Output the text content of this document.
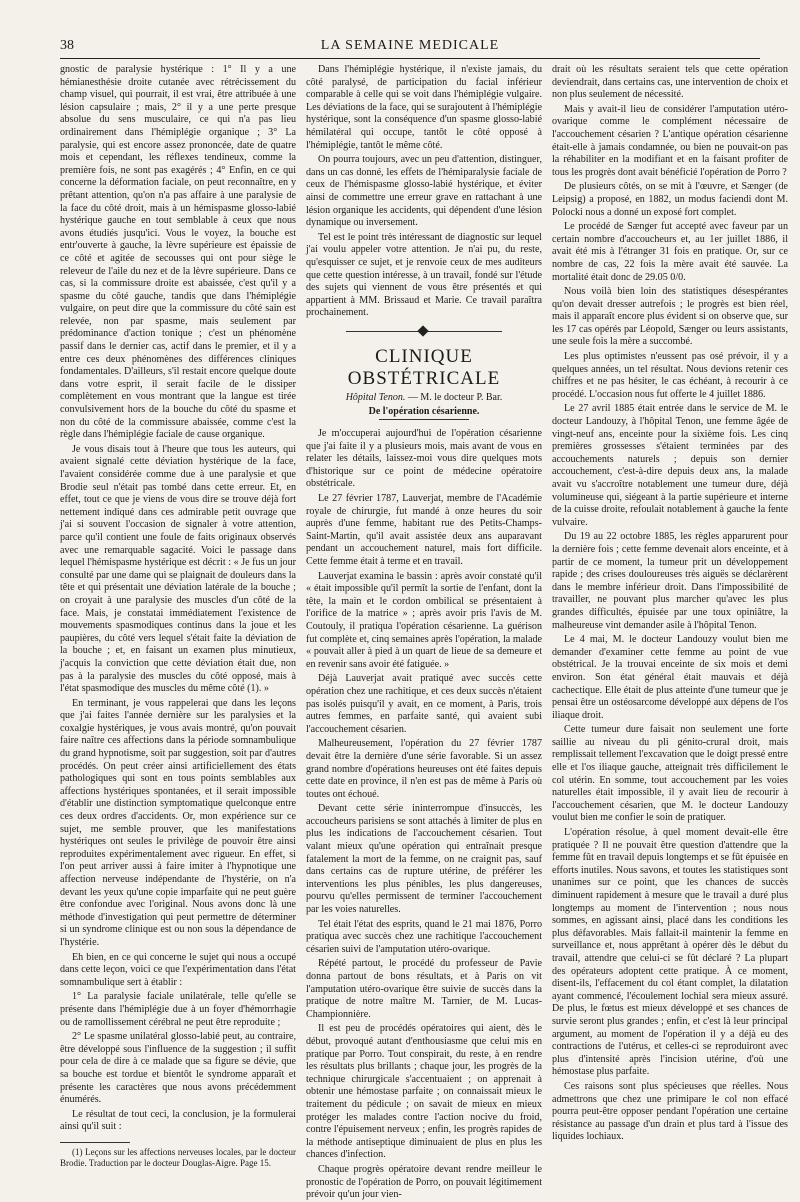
38	LA SEMAINE MEDICALE

gnostic de paralysie hystérique : 1° Il y a une hémianesthésie droite cutanée avec rétrécissement du champ visuel, qui pourrait, il est vrai, être attribuée à une lésion capsulaire ; mais, 2° il y a une perte presque absolue du sens musculaire, ce qui n'a pas lieu ordinairement dans l'hémiplégie organique ; 3° La paralysie, qui est encore assez prononcée, date de quatre mois et cependant, les réflexes tendineux, comme la première fois, ne sont pas exagérés ; 4° Enfin, en ce qui concerne la déformation faciale, on peut reconnaître, en y prêtant attention, qu'on n'a pas affaire à une paralysie de la face du côté droit, mais à un hémispasme glosso-labié hystérique gauche en tout semblable à ceux que nous avons étudiés jusqu'ici. Vous le voyez, la bouche est entr'ouverte à gauche, la lèvre supérieure est épaissie de ce côté et agitée de secousses qui ont pour siège le releveur de l'aile du nez et de la lèvre supérieure. Dans ce cas, si la commissure droite est abaissée, c'est qu'il y a spasme du côté gauche, tandis que dans l'hémiplégie vulgaire, on peut dire que la commissure du côté sain est relevée, non par spasme, mais seulement par prédominance d'action tonique ; c'est un phénomène passif dans le dernier cas, actif dans le premier, et il y a entre ces deux phénomènes des différences cliniques fondamentales. D'ailleurs, s'il restait encore quelque doute dans votre esprit, il serait facile de le dissiper complètement en vous montrant que la langue est tirée convulsivement hors de la bouche du côté du spasme et non du côté de la commissure abaissée, comme c'est la règle dans l'hémiplégie faciale de cause organique.

Je vous disais tout à l'heure que tous les auteurs, qui avaient signalé cette déviation hystérique de la face, l'avaient considérée comme due à une paralysie et que Brodie seul n'était pas tombé dans cette erreur. Et, en effet, tout ce que je viens de vous dire se trouve déjà fort nettement indiqué dans ces admirable petit ouvrage que j'ai si souvent l'occasion de signaler à votre attention, parce qu'il contient une foule de faits originaux observés avec une remarquable sagacité. Voici le passage dans lequel l'hémispasme hystérique est décrit : « Je fus un jour consulté par une dame qui se plaignait de douleurs dans la tête et qui présentait une déviation latérale de la bouche ; on croyait à une paralysie des muscles d'un côté de la face. Mais, je constatai immédiatement l'existence de mouvements spasmodiques continus dans la joue et les paupières, du côté vers lequel s'était faite la déviation de la bouche ; et, en faisant un examen plus minutieux, j'acquis la conviction que cette déviation était due, non pas à la paralysie des muscles du côté opposé, mais à l'état spasmodique des muscles du même côté (1). »

En terminant, je vous rappelerai que dans les leçons que j'ai faites l'année dernière sur les paralysies et la coxalgie hystériques, je vous avais montré, qu'on pouvait faire naître ces affections dans la période somnambulique du grand hypnotisme, soit par suggestion, soit par d'autres procédés. On peut créer ainsi artificiellement des états pathologiques qui sont en tous points semblables aux affections hystériques spontanées, et il serait impossible d'établir une distinction symptomatique quelconque entre ces deux ordres d'accidents. Or, mon expérience sur ce sujet, me semble prouver, que les manifestations hystériques ont seules le privilège de pouvoir être ainsi reproduites expérimentalement avec rigueur. En effet, si l'on peut arriver aussi à faire imiter à l'hypnotique une affection nerveuse indépendante de l'hystérie, on n'a devant les yeux qu'une copie imparfaite qui ne peut guère être confondue avec l'original. Nous avons donc là une méthode d'investigation qui peut permettre de déterminer si un syndrome clinique est ou non sous la dépendance de l'hystérie.

Eh bien, en ce qui concerne le sujet qui nous a occupé dans cette leçon, voici ce que l'expérimentation dans l'état somnambulique sert à établir :

1° La paralysie faciale unilatérale, telle qu'elle se présente dans l'hémiplégie due à un foyer d'hémorrhagie ou de ramollissement cérébral ne peut être reproduite ;

2° Le spasme unilatéral glosso-labié peut, au contraire, être développé sous l'influence de la suggestion ; il suffit pour cela de dire à ce malade que sa figure se dévie, que sa bouche est tordue et bientôt le syndrome apparaît et présente les caractères que nous avons précédemment énumérés.

Le résultat de tout ceci, la conclusion, je la formulerai ainsi qu'il suit :

(1) Leçons sur les affections nerveuses locales, par le docteur Brodie. Traduction par le docteur Douglas-Aigre. Page 15.

Dans l'hémiplégie hystérique, il n'existe jamais, du côté paralysé, de participation du facial inférieur comparable à celle qui se voit dans l'hémiplégie vulgaire. Les déviations de la face, qui se surajoutent à l'hémiplégie hystérique, sont la conséquence d'un spasme glosso-labié hémilatéral qui occupe, tantôt le côté opposé à l'hémiplégie, tantôt le même côté.

On pourra toujours, avec un peu d'attention, distinguer, dans un cas donné, les effets de l'hémiparalysie faciale de ceux de l'hémispasme glosso-labié hystérique, et éviter ainsi de commettre une erreur grave en rattachant à une lésion organique les accidents, qui dépendent d'une lésion dynamique ou inversement.

Tel est le point très intéressant de diagnostic sur lequel j'ai voulu appeler votre attention. Je n'ai pu, du reste, qu'esquisser ce sujet, et je renvoie ceux de mes auditeurs que cette question intéresse, à un travail, fondé sur l'étude des sujets qui viennent de vous être présentés et qui appartient à MM. Brissaud et Marie. Ce travail paraîtra prochainement.

CLINIQUE OBSTÉTRICALE

Hôpital Tenon. — M. le docteur P. Bar.

De l'opération césarienne.

Je m'occuperai aujourd'hui de l'opération césarienne que j'ai faite il y a plusieurs mois, mais avant de vous en relater les détails, laissez-moi vous dire quelques mots d'historique sur ce point de médecine opératoire obstétricale.

Le 27 février 1787, Lauverjat, membre de l'Académie royale de chirurgie, fut mandé à onze heures du soir auprès d'une femme, habitant rue des Petits-Champs-Saint-Martin, qu'il avait assistée deux ans auparavant pendant un accouchement naturel, mais fort difficile. Cette femme était à terme et en travail.

Lauverjat examina le bassin : après avoir constaté qu'il « était impossible qu'il permît la sortie de l'enfant, dont la tête, la main et le cordon ombilical se présentaient à l'orifice de la matrice » ; après avoir pris l'avis de M. Coutouly, il pratiqua l'opération césarienne. La guérison fut complète et, cinq semaines après l'opération, la malade « pouvait aller à pied à un quart de lieue de sa demeure et en revenir sans avoir été fatiguée. »

Déjà Lauverjat avait pratiqué avec succès cette opération chez une rachitique, et ces deux succès n'étaient pas isolés puisqu'il y avait, en ce moment, à Paris, trois autres femmes, en parfaite santé, qui avaient subi l'accouchement césarien.

Malheureusement, l'opération du 27 février 1787 devait être la dernière d'une série favorable. Si un assez grand nombre d'opérations heureuses ont été faites depuis cette date en province, il n'en est pas de même à Paris où toutes ont échoué.

Devant cette série ininterrompue d'insuccès, les accoucheurs parisiens se sont attachés à limiter de plus en plus les indications de l'accouchement césarien. Tout valant mieux qu'une opération qui entraînait presque fatalement la mort de la femme, on ne craignit pas, sauf dans certains cas de rupture utérine, de préférer les interventions les plus pénibles, les plus dangereuses, pourvu qu'elles permissent de terminer l'accouchement par les voies naturelles.

Tel était l'état des esprits, quand le 21 mai 1876, Porro pratiqua avec succès chez une rachitique l'accouchement césarien suivi de l'amputation utéro-ovarique.

Répété partout, le procédé du professeur de Pavie donna partout de bons résultats, et à Paris on vit l'amputation utéro-ovarique être suivie de succès dans la pratique de notre maître M. Tarnier, de M. Lucas-Championnière.

Il est peu de procédés opératoires qui aient, dès le début, provoqué autant d'enthousiasme que celui mis en pratique par Porro. Tout conspirait, du reste, à en rendre les résultats plus brillants ; chaque jour, les progrès de la technique chirurgicale s'accentuaient ; on apprenait à obtenir une hémostase parfaite ; on connaissait mieux le traitement du pédicule ; on savait de mieux en mieux protéger les malades contre l'action nocive du froid, contre l'épuisement nerveux ; enfin, les progrès rapides de la méthode antiseptique diminuaient de plus en plus les chances d'infection.

Chaque progrès opératoire devant rendre meilleur le pronostic de l'opération de Porro, on pouvait légitimement prévoir qu'un jour vien-

drait où les résultats seraient tels que cette opération deviendrait, dans certains cas, une intervention de choix et non plus seulement de nécessité.

Mais y avait-il lieu de considérer l'amputation utéro-ovarique comme le complément nécessaire de l'accouchement césarien ? L'antique opération césarienne était-elle à jamais condamnée, ou bien ne pouvait-on pas la réhabiliter en la modifiant et en la faisant profiter de tous les progrès dont avait bénéficié l'opération de Porro ?

De plusieurs côtés, on se mit à l'œuvre, et Sænger (de Leipsig) a proposé, en 1882, un modus faciendi dont M. Polocki nous a donné un exposé fort complet.

Le procédé de Sænger fut accepté avec faveur par un certain nombre d'accoucheurs et, au 1er juillet 1886, il avait été mis à l'étranger 31 fois en pratique. Or, sur ce nombre de cas, 22 fois la mère avait été sauvée. La mortalité était donc de 29.05 0/0.

Nous voilà bien loin des statistiques désespérantes qu'on devait dresser autrefois ; le progrès est bien réel, mais il apparaît encore plus évident si on observe que, sur les 17 cas opérés par Léopold, Sænger ou leurs assistants, une seule fois la mère a succombé.

Les plus optimistes n'eussent pas osé prévoir, il y a quelques années, un tel résultat. Nous devions retenir ces chiffres et ne pas hésiter, le cas échéant, à recourir à ce procédé. L'occasion nous fut offerte le 4 juillet 1886.

Le 27 avril 1885 était entrée dans le service de M. le docteur Landouzy, à l'hôpital Tenon, une femme âgée de vingt-neuf ans, enceinte pour la sixième fois. Les cinq premières grossesses s'étaient terminées par des accouchements naturels ; depuis son dernier accouchement, c'est-à-dire depuis deux ans, la malade avait vu s'accroître notablement une tumeur dure, déjà volumineuse qui, siégeant à la partie supérieure et interne de la cuisse droite, refoulait notablement à gauche la fente vulvaire.

Du 19 au 22 octobre 1885, les règles apparurent pour la dernière fois ; cette femme devenait alors enceinte, et à partir de ce moment, la tumeur prit un développement rapide ; des crises douloureuses très aiguës se déclarèrent dans le membre inférieur droit. Dans l'impossibilité de travailler, ne pouvant plus marcher qu'avec les plus grandes difficultés, épuisée par une toux opiniâtre, la malheureuse vint demander asile à l'hôpital Tenon.

Le 4 mai, M. le docteur Landouzy voulut bien me demander d'examiner cette femme au point de vue obstétrical. Je la trouvai enceinte de six mois et demi environ. Son état général était mauvais et déjà cachectique. Elle était de plus atteinte d'une tumeur que je pensai être un ostéosarcome développé aux dépens de l'os iliaque droit.

Cette tumeur dure faisait non seulement une forte saillie au niveau du pli génito-crural droit, mais remplissait tellement l'excavation que le doigt pressé entre elle et l'os iliaque gauche, atteignait très difficilement le col utérin. En somme, tout accouchement par les voies naturelles était impossible, il y avait lieu de recourir à l'accouchement césarien, que M. le docteur Landouzy voulut bien me confier le soin de pratiquer.

L'opération résolue, à quel moment devait-elle être pratiquée ? Il ne pouvait être question d'attendre que la femme fût en travail depuis longtemps et se fût épuisée en efforts inutiles. Nous savons, et toutes les statistiques sont unanimes sur ce point, que les chances de succès diminuent rapidement à mesure que le travail a duré plus longtemps au moment de l'intervention ; nous nous sommes, en agissant ainsi, placé dans les conditions les plus défavorables. Mais fallait-il maintenir la femme en surveillance et, nous apprêtant à opérer dès le début du travail, attendre que celui-ci se fût déclaré ? La plupart des opérateurs adoptent cette pratique. À ce moment, disent-ils, l'effacement du col étant complet, la dilatation ayant commencé, l'écoulement lochial sera mieux assuré. De plus, le fœtus est mieux développé et ses chances de survie seront plus grandes ; enfin, et c'est là leur principal argument, au moment de l'opération il y a déjà eu des contractions de l'utérus, et celles-ci se reproduiront avec plus d'intensité après l'incision utérine, d'où une hémostase plus parfaite.

Ces raisons sont plus spécieuses que réelles. Nous admettrons que chez une primipare le col non effacé pourra peut-être opposer pendant l'opération une certaine résistance au passage d'un drain et plus tard à l'issue des liquides lochiaux.
